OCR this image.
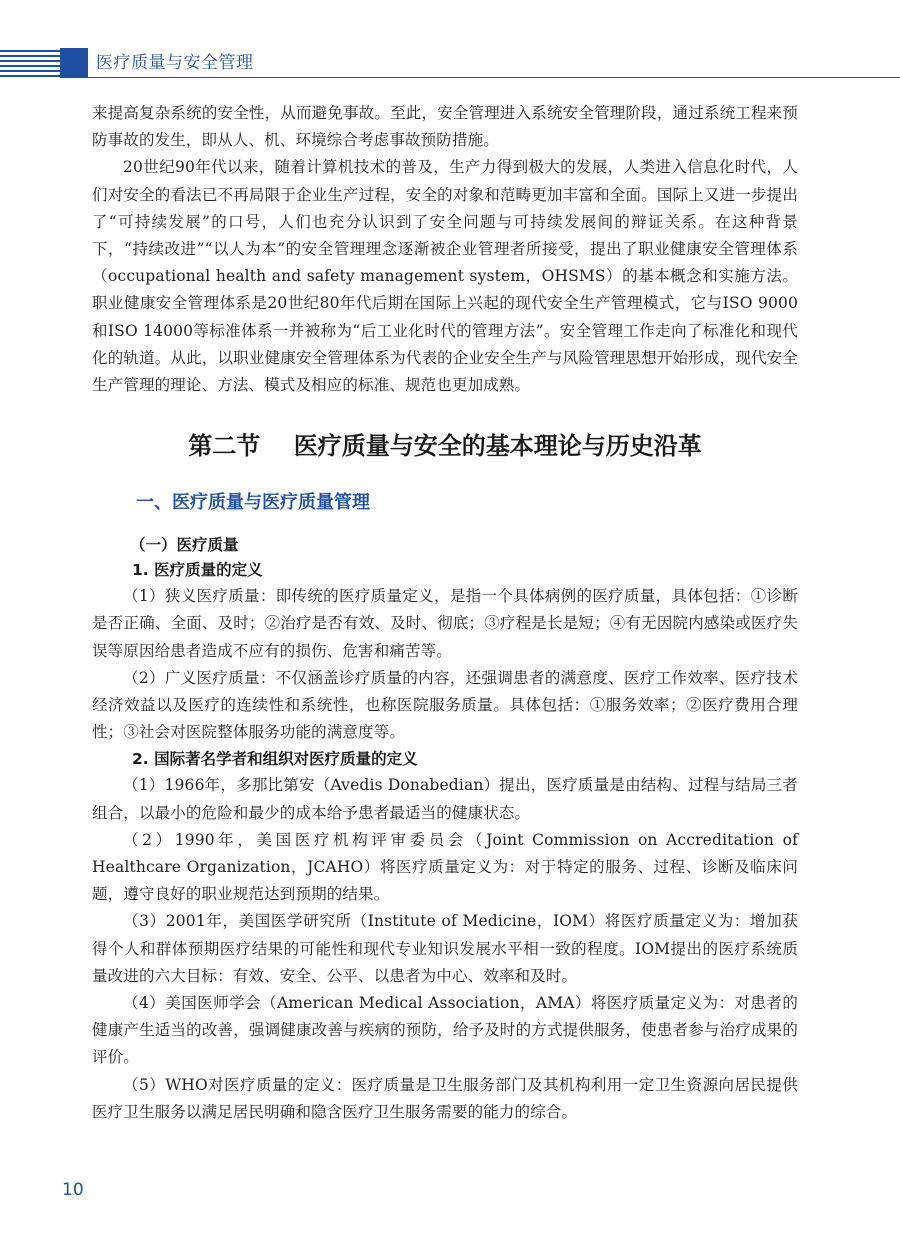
医疗质量与安全管理

来提高复杂系统的安全性，从而避免事故。至此，安全管理进入系统安全管理阶段，通过系统工程来预防事故的发生，即从人、机、环境综合考虑事故预防措施。

20世纪90年代以来，随着计算机技术的普及，生产力得到极大的发展，人类进入信息化时代，人们对安全的看法已不再局限于企业生产过程，安全的对象和范畴更加丰富和全面。国际上又进一步提出了“可持续发展”的口号，人们也充分认识到了安全问题与可持续发展间的辩证关系。在这种背景下，“持续改进”“以人为本”的安全管理理念逐渐被企业管理者所接受，提出了职业健康安全管理体系（occupational health and safety management system，OHSMS）的基本概念和实施方法。职业健康安全管理体系是20世纪80年代后期在国际上兴起的现代安全生产管理模式，它与ISO 9000和ISO 14000等标准体系一并被称为“后工业化时代的管理方法”。安全管理工作走向了标准化和现代化的轨道。从此，以职业健康安全管理体系为代表的企业安全生产与风险管理思想开始形成，现代安全生产管理的理论、方法、模式及相应的标准、规范也更加成熟。

第二节    医疗质量与安全的基本理论与历史沿革
一、医疗质量与医疗质量管理
（一）医疗质量
1. 医疗质量的定义

（1）狭义医疗质量：即传统的医疗质量定义，是指一个具体病例的医疗质量，具体包括：①诊断是否正确、全面、及时；②治疗是否有效、及时、彻底；③疗程是长是短；④有无因院内感染或医疗失误等原因给患者造成不应有的损伤、危害和痛苦等。

（2）广义医疗质量：不仅涵盖诊疗质量的内容，还强调患者的满意度、医疗工作效率、医疗技术经济效益以及医疗的连续性和系统性，也称医院服务质量。具体包括：①服务效率；②医疗费用合理性；③社会对医院整体服务功能的满意度等。

2. 国际著名学者和组织对医疗质量的定义

（1）1966年，多那比第安（Avedis Donabedian）提出，医疗质量是由结构、过程与结局三者组合，以最小的危险和最少的成本给予患者最适当的健康状态。

（2）1990年，美国医疗机构评审委员会（Joint Commission on Accreditation of Healthcare Organization，JCAHO）将医疗质量定义为：对于特定的服务、过程、诊断及临床问题，遵守良好的职业规范达到预期的结果。

（3）2001年，美国医学研究所（Institute of Medicine，IOM）将医疗质量定义为：增加获得个人和群体预期医疗结果的可能性和现代专业知识发展水平相一致的程度。IOM提出的医疗系统质量改进的六大目标：有效、安全、公平、以患者为中心、效率和及时。

（4）美国医师学会（American Medical Association，AMA）将医疗质量定义为：对患者的健康产生适当的改善，强调健康改善与疾病的预防，给予及时的方式提供服务，使患者参与治疗成果的评价。

（5）WHO对医疗质量的定义：医疗质量是卫生服务部门及其机构利用一定卫生资源向居民提供医疗卫生服务以满足居民明确和隐含医疗卫生服务需要的能力的综合。

10
